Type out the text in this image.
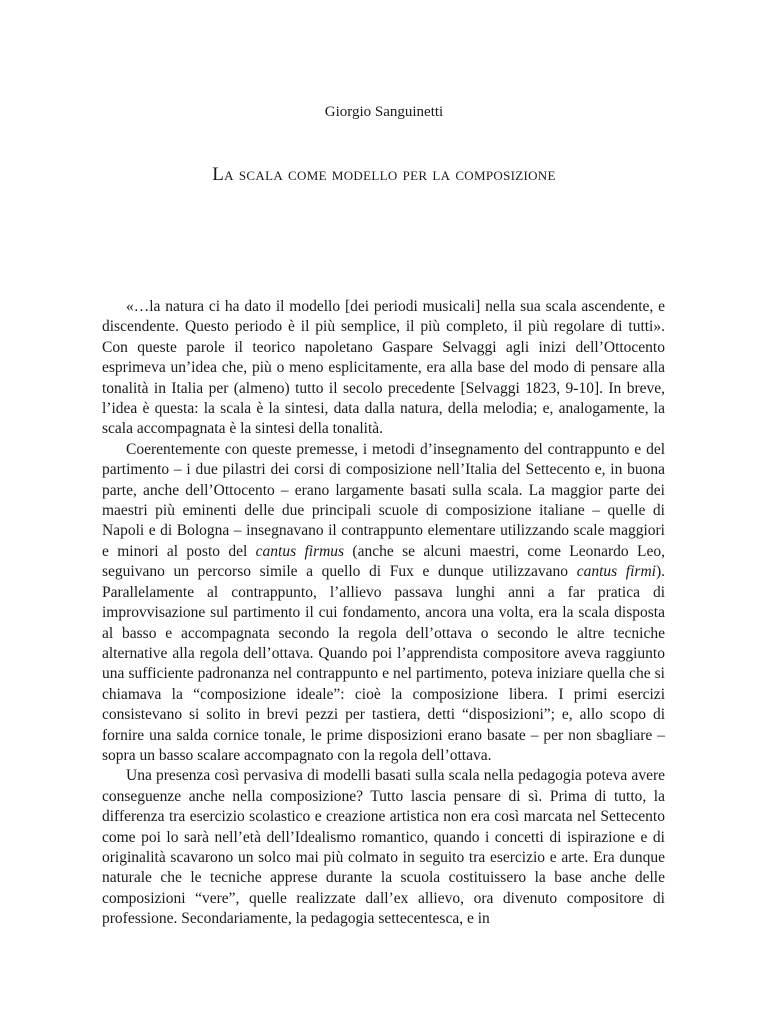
Giorgio Sanguinetti

La scala come modello per la composizione

«…la natura ci ha dato il modello [dei periodi musicali] nella sua scala ascendente, e discendente. Questo periodo è il più semplice, il più completo, il più regolare di tutti». Con queste parole il teorico napoletano Gaspare Selvaggi agli inizi dell’Ottocento esprimeva un’idea che, più o meno esplicitamente, era alla base del modo di pensare alla tonalità in Italia per (almeno) tutto il secolo precedente [Selvaggi 1823, 9-10]. In breve, l’idea è questa: la scala è la sintesi, data dalla natura, della melodia; e, analogamente, la scala accompagnata è la sintesi della tonalità.

Coerentemente con queste premesse, i metodi d’insegnamento del contrappunto e del partimento – i due pilastri dei corsi di composizione nell’Italia del Settecento e, in buona parte, anche dell’Ottocento – erano largamente basati sulla scala. La maggior parte dei maestri più eminenti delle due principali scuole di composizione italiane – quelle di Napoli e di Bologna – insegnavano il contrappunto elementare utilizzando scale maggiori e minori al posto del cantus firmus (anche se alcuni maestri, come Leonardo Leo, seguivano un percorso simile a quello di Fux e dunque utilizzavano cantus firmi). Parallelamente al contrappunto, l’allievo passava lunghi anni a far pratica di improvvisazione sul partimento il cui fondamento, ancora una volta, era la scala disposta al basso e accompagnata secondo la regola dell’ottava o secondo le altre tecniche alternative alla regola dell’ottava. Quando poi l’apprendista compositore aveva raggiunto una sufficiente padronanza nel contrappunto e nel partimento, poteva iniziare quella che si chiamava la “composizione ideale”: cioè la composizione libera. I primi esercizi consistevano si solito in brevi pezzi per tastiera, detti “disposizioni”; e, allo scopo di fornire una salda cornice tonale, le prime disposizioni erano basate – per non sbagliare – sopra un basso scalare accompagnato con la regola dell’ottava.

Una presenza così pervasiva di modelli basati sulla scala nella pedagogia poteva avere conseguenze anche nella composizione? Tutto lascia pensare di sì. Prima di tutto, la differenza tra esercizio scolastico e creazione artistica non era così marcata nel Settecento come poi lo sarà nell’età dell’Idealismo romantico, quando i concetti di ispirazione e di originalità scavarono un solco mai più colmato in seguito tra esercizio e arte. Era dunque naturale che le tecniche apprese durante la scuola costituissero la base anche delle composizioni “vere”, quelle realizzate dall’ex allievo, ora divenuto compositore di professione. Secondariamente, la pedagogia settecentesca, e in
